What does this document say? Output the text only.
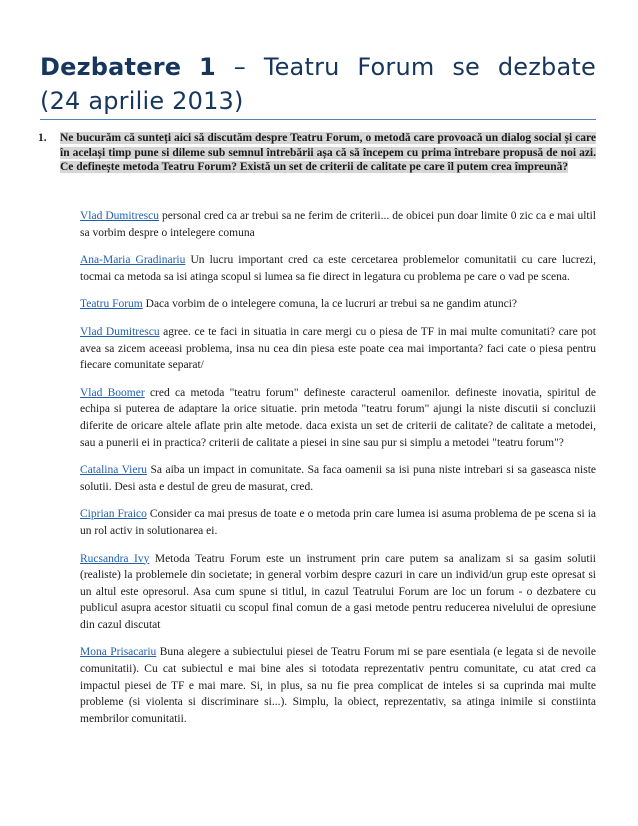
Dezbatere 1 – Teatru Forum se dezbate
(24 aprilie 2013)
1. Ne bucurăm că sunteți aici să discutăm despre Teatru Forum, o metodă care provoacă un dialog social și care în același timp pune si dileme sub semnul întrebării așa că să începem cu prima întrebare propusă de noi azi. Ce definește metoda Teatru Forum? Există un set de criterii de calitate pe care îl putem crea împreună?

Vlad Dumitrescu personal cred ca ar trebui sa ne ferim de criterii... de obicei pun doar limite 0 zic ca e mai ultil sa vorbim despre o intelegere comuna

Ana-Maria Gradinariu Un lucru important cred ca este cercetarea problemelor comunitatii cu care lucrezi, tocmai ca metoda sa isi atinga scopul si lumea sa fie direct in legatura cu problema pe care o vad pe scena.

Teatru Forum Daca vorbim de o intelegere comuna, la ce lucruri ar trebui sa ne gandim atunci?

Vlad Dumitrescu agree. ce te faci in situatia in care mergi cu o piesa de TF in mai multe comunitati? care pot avea sa zicem aceeasi problema, insa nu cea din piesa este poate cea mai importanta? faci cate o piesa pentru fiecare comunitate separat/

Vlad Boomer cred ca metoda "teatru forum" defineste caracterul oamenilor. defineste inovatia, spiritul de echipa si puterea de adaptare la orice situatie. prin metoda "teatru forum" ajungi la niste discutii si concluzii diferite de oricare altele aflate prin alte metode. daca exista un set de criterii de calitate? de calitate a metodei, sau a punerii ei in practica? criterii de calitate a piesei in sine sau pur si simplu a metodei "teatru forum"?

Catalina Vieru Sa aiba un impact in comunitate. Sa faca oamenii sa isi puna niste intrebari si sa gaseasca niste solutii. Desi asta e destul de greu de masurat, cred.

Ciprian Fraico Consider ca mai presus de toate e o metoda prin care lumea isi asuma problema de pe scena si ia un rol activ in solutionarea ei.

Rucsandra Ivy Metoda Teatru Forum este un instrument prin care putem sa analizam si sa gasim solutii (realiste) la problemele din societate; in general vorbim despre cazuri in care un individ/un grup este opresat si un altul este opresorul. Asa cum spune si titlul, in cazul Teatrului Forum are loc un forum - o dezbatere cu publicul asupra acestor situatii cu scopul final comun de a gasi metode pentru reducerea nivelului de opresiune din cazul discutat

Mona Prisacariu Buna alegere a subiectului piesei de Teatru Forum mi se pare esentiala (e legata si de nevoile comunitatii). Cu cat subiectul e mai bine ales si totodata reprezentativ pentru comunitate, cu atat cred ca impactul piesei de TF e mai mare. Si, in plus, sa nu fie prea complicat de inteles si sa cuprinda mai multe probleme (si violenta si discriminare si...). Simplu, la obiect, reprezentativ, sa atinga inimile si constiinta membrilor comunitatii.
